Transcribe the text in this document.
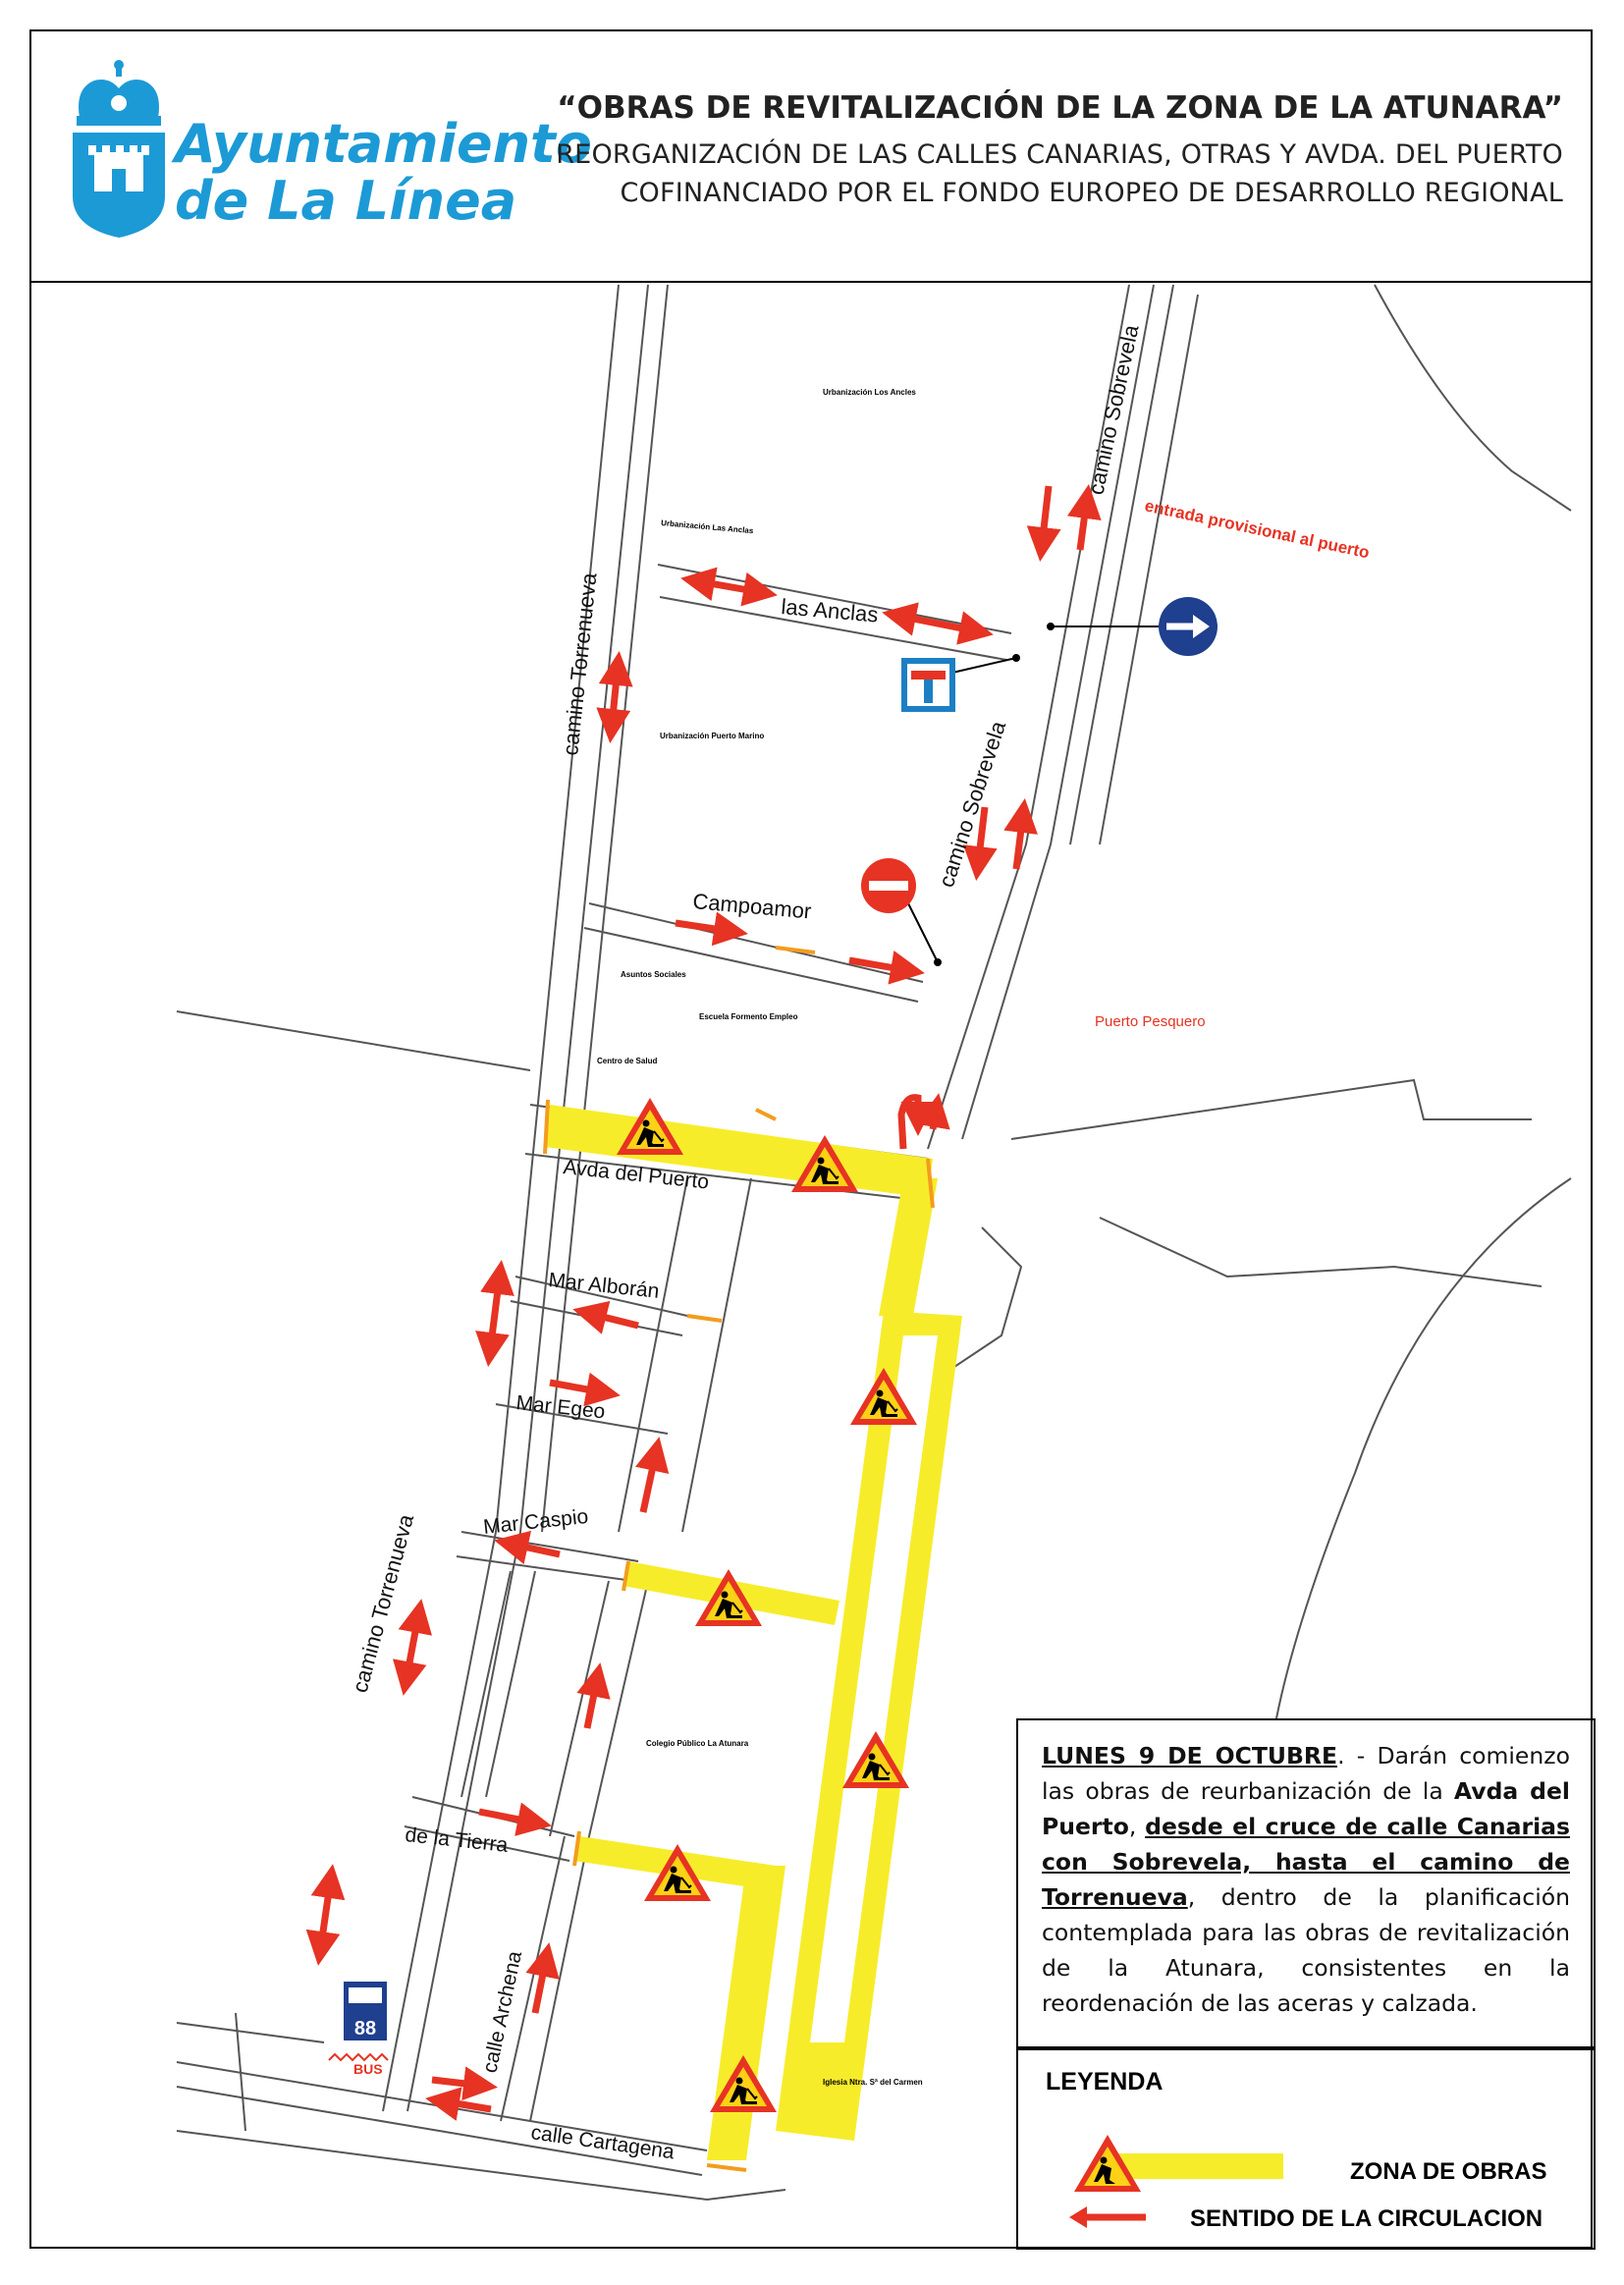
Ayuntamiento
de La Línea
“OBRAS DE REVITALIZACIÓN DE LA ZONA DE LA ATUNARA”
REORGANIZACIÓN DE LAS CALLES CANARIAS, OTRAS Y AVDA. DEL PUERTO
COFINANCIADO POR EL FONDO EUROPEO DE DESARROLLO REGIONAL
88
BUS
camino Sobrevela
camino Sobrevela
las Anclas
camino Torrenueva
Campoamor
Avda del Puerto
Mar Alborán
Mar Egeo
Mar Caspio
camino Torrenueva
de la Tierra
calle Archena
calle Cartagena
entrada provisional al puerto
Puerto Pesquero
Urbanización Los Ancles
Urbanización Las Anclas
Urbanización Puerto Marino
Asuntos Sociales
Escuela Formento Empleo
Centro de Salud
Colegio Público La Atunara
Iglesia Ntra. Sª del Carmen
LUNES 9 DE OCTUBRE. - Darán comienzo las obras de reurbanización de la Avda del Puerto, desde el cruce de calle Canarias con Sobrevela, hasta el camino de Torrenueva, dentro de la planificación contemplada para las obras de revitalización de la Atunara, consistentes en la reordenación de las aceras y calzada.
LEYENDA
ZONA DE OBRAS
SENTIDO DE LA CIRCULACION
